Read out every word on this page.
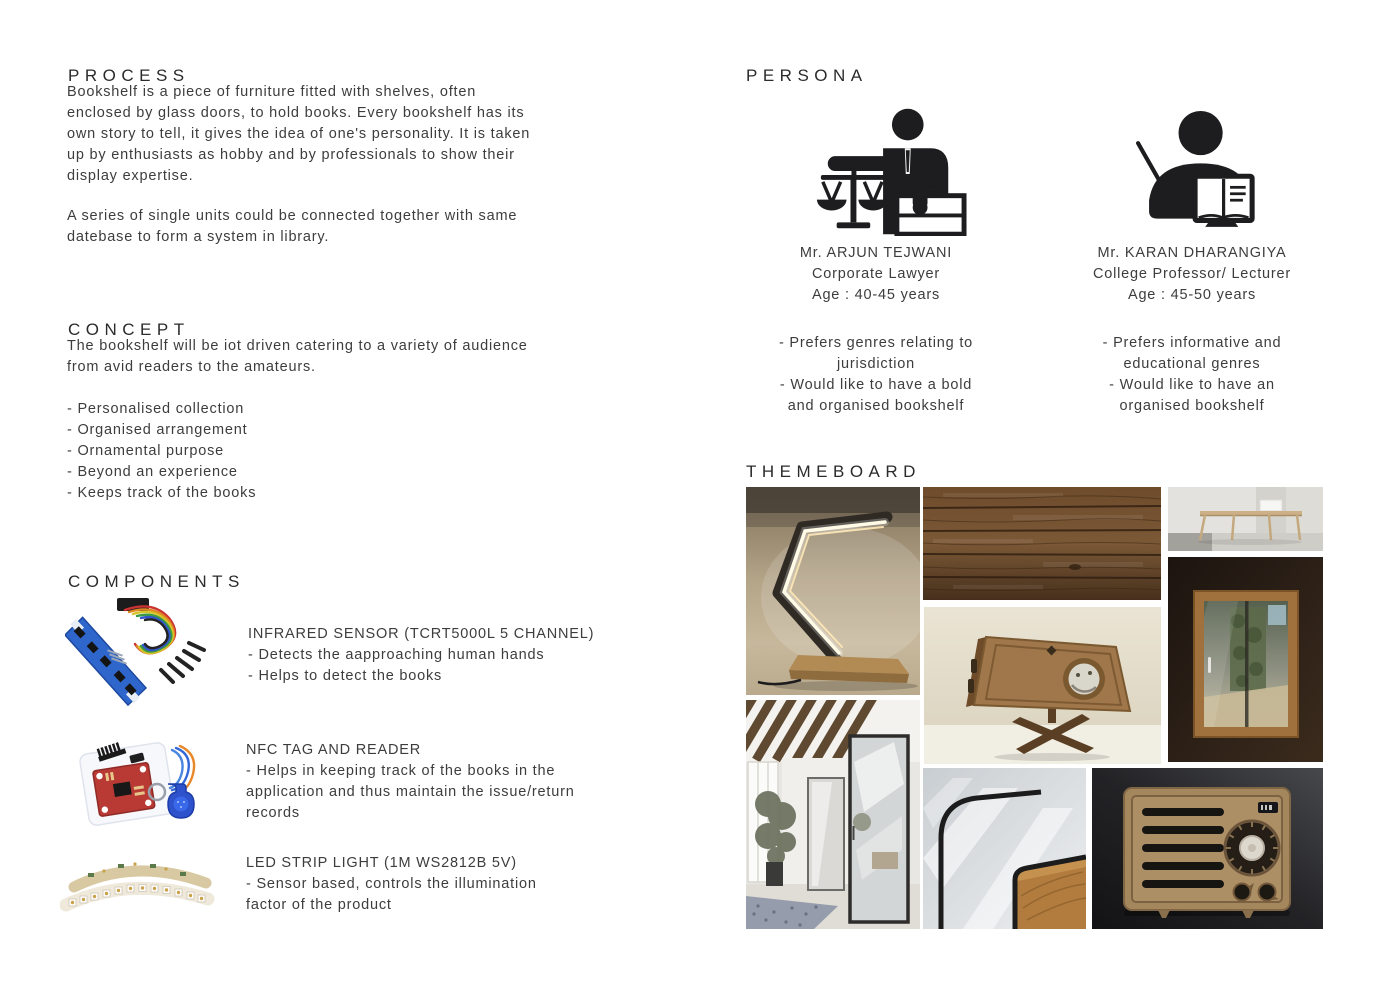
PROCESS
Bookshelf is a piece of furniture fitted with shelves, often
enclosed by glass doors, to hold books. Every bookshelf has its
own story to tell, it gives the idea of one's personality. It is taken
up by enthusiasts as hobby and by professionals to show their
display expertise.
A series of single units could be connected together with same
datebase to form a system in library.
CONCEPT
The bookshelf will be iot driven catering to a variety of audience
from avid readers to the amateurs.
- Personalised collection
- Organised arrangement
- Ornamental purpose
- Beyond an experience
- Keeps track of the books
COMPONENTS
INFRARED SENSOR (TCRT5000L 5 CHANNEL)
- Detects the aapproaching human hands
- Helps to detect the books
NFC TAG AND READER
- Helps in keeping track of the books in the
application and thus maintain the issue/return
records
LED STRIP LIGHT (1M WS2812B 5V)
- Sensor based, controls the illumination
factor of the product
PERSONA
Mr. ARJUN TEJWANI
Corporate Lawyer
Age : 40-45 years
- Prefers genres relating to
jurisdiction
- Would like to have a bold
and organised bookshelf
Mr. KARAN DHARANGIYA
College Professor/ Lecturer
Age : 45-50 years
- Prefers informative and
educational genres
- Would like to have an
organised bookshelf
THEMEBOARD
